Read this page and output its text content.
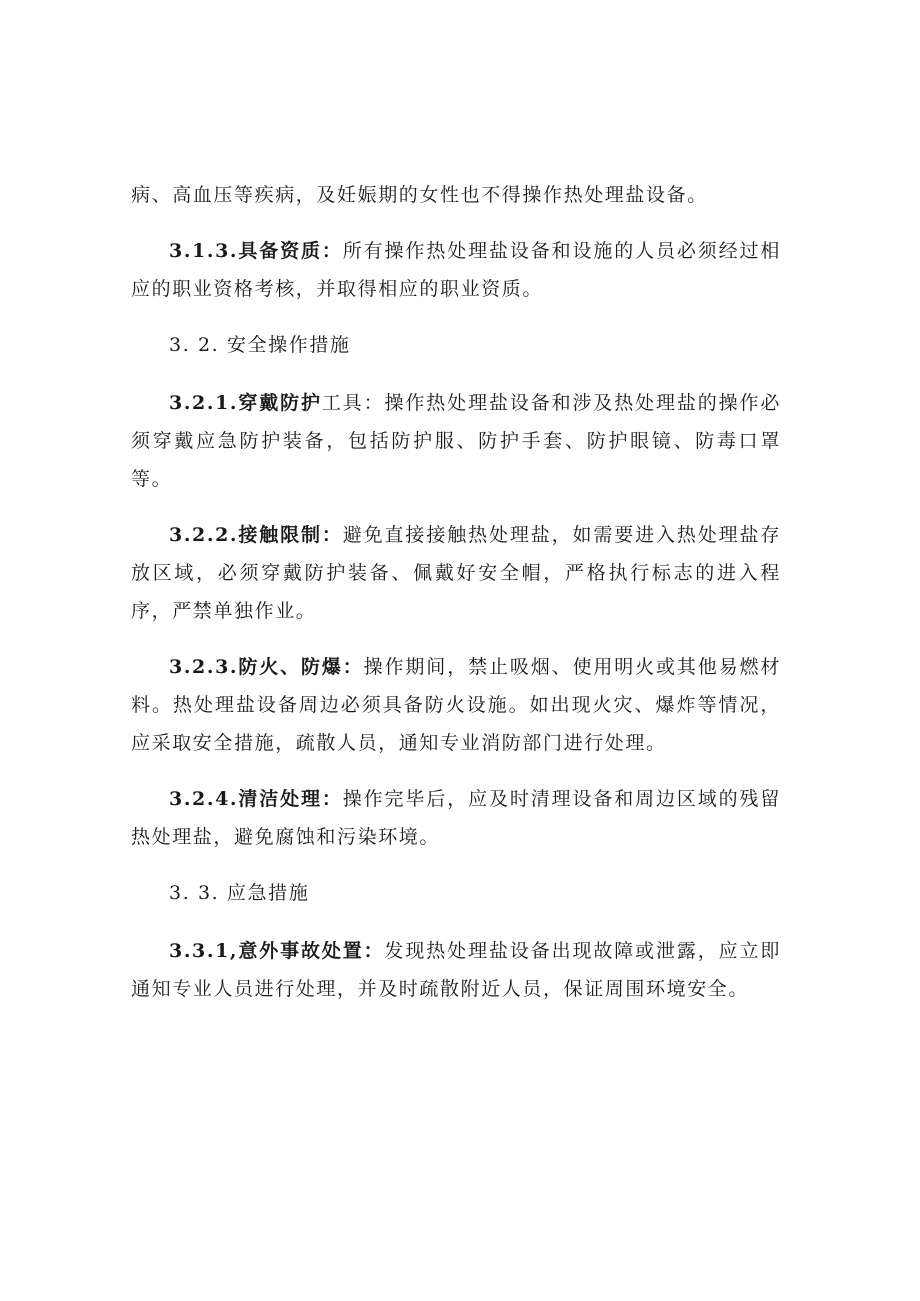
病、高血压等疾病，及妊娠期的女性也不得操作热处理盐设备。

3.1.3.具备资质：所有操作热处理盐设备和设施的人员必须经过相应的职业资格考核，并取得相应的职业资质。

3. 2. 安全操作措施

3.2.1.穿戴防护工具：操作热处理盐设备和涉及热处理盐的操作必须穿戴应急防护装备，包括防护服、防护手套、防护眼镜、防毒口罩等。

3.2.2.接触限制：避免直接接触热处理盐，如需要进入热处理盐存放区域，必须穿戴防护装备、佩戴好安全帽，严格执行标志的进入程序，严禁单独作业。

3.2.3.防火、防爆：操作期间，禁止吸烟、使用明火或其他易燃材料。热处理盐设备周边必须具备防火设施。如出现火灾、爆炸等情况，应采取安全措施，疏散人员，通知专业消防部门进行处理。

3.2.4.清洁处理：操作完毕后，应及时清理设备和周边区域的残留热处理盐，避免腐蚀和污染环境。

3. 3. 应急措施

3.3.1,意外事故处置：发现热处理盐设备出现故障或泄露，应立即通知专业人员进行处理，并及时疏散附近人员，保证周围环境安全。
